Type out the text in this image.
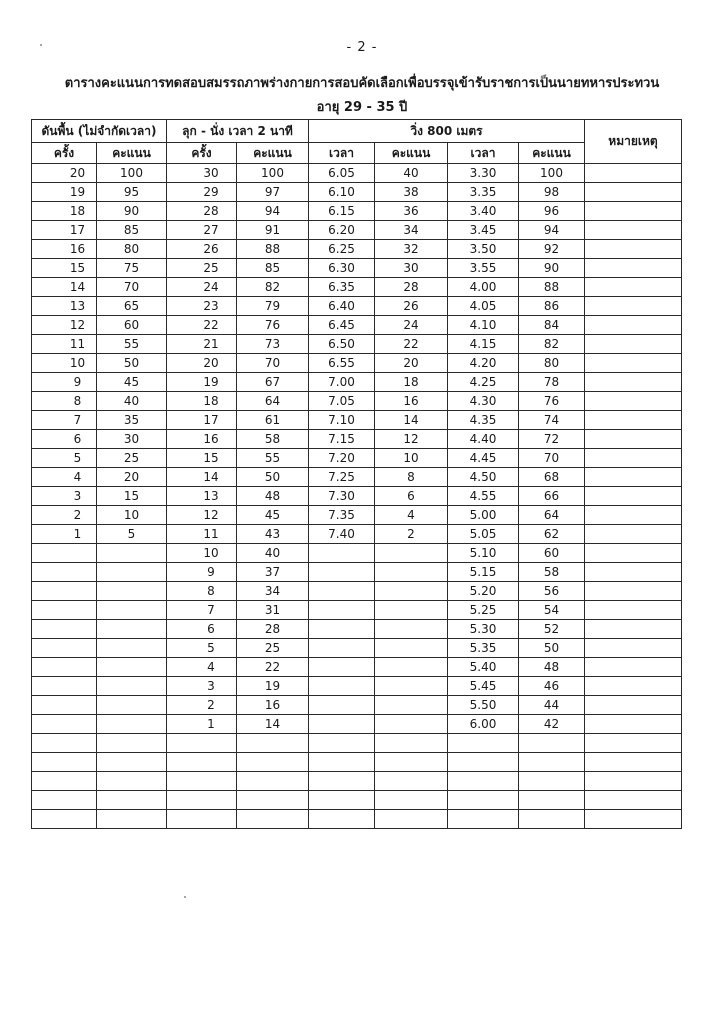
- 2 -
ตารางคะแนนการทดสอบสมรรถภาพร่างกายการสอบคัดเลือกเพื่อบรรจุเข้ารับราชการเป็นนายทหารประทวน
อายุ 29 - 35 ปี
ดันพื้น (ไม่จำกัดเวลา)		ลุก - นั่ง เวลา 2 นาที		วิ่ง 800 เมตร				หมายเหตุ
ครั้ง	คะแนน	ครั้ง	คะแนน	เวลา	คะแนน	เวลา	คะแนน	
20	100	30	100	6.05	40	3.30	100	
19	95	29	97	6.10	38	3.35	98	
18	90	28	94	6.15	36	3.40	96	
17	85	27	91	6.20	34	3.45	94	
16	80	26	88	6.25	32	3.50	92	
15	75	25	85	6.30	30	3.55	90	
14	70	24	82	6.35	28	4.00	88	
13	65	23	79	6.40	26	4.05	86	
12	60	22	76	6.45	24	4.10	84	
11	55	21	73	6.50	22	4.15	82	
10	50	20	70	6.55	20	4.20	80	
9	45	19	67	7.00	18	4.25	78	
8	40	18	64	7.05	16	4.30	76	
7	35	17	61	7.10	14	4.35	74	
6	30	16	58	7.15	12	4.40	72	
5	25	15	55	7.20	10	4.45	70	
4	20	14	50	7.25	8	4.50	68	
3	15	13	48	7.30	6	4.55	66	
2	10	12	45	7.35	4	5.00	64	
1	5	11	43	7.40	2	5.05	62	
		10	40			5.10	60	
		9	37			5.15	58	
		8	34			5.20	56	
		7	31			5.25	54	
		6	28			5.30	52	
		5	25			5.35	50	
		4	22			5.40	48	
		3	19			5.45	46	
		2	16			5.50	44	
		1	14			6.00	42	
